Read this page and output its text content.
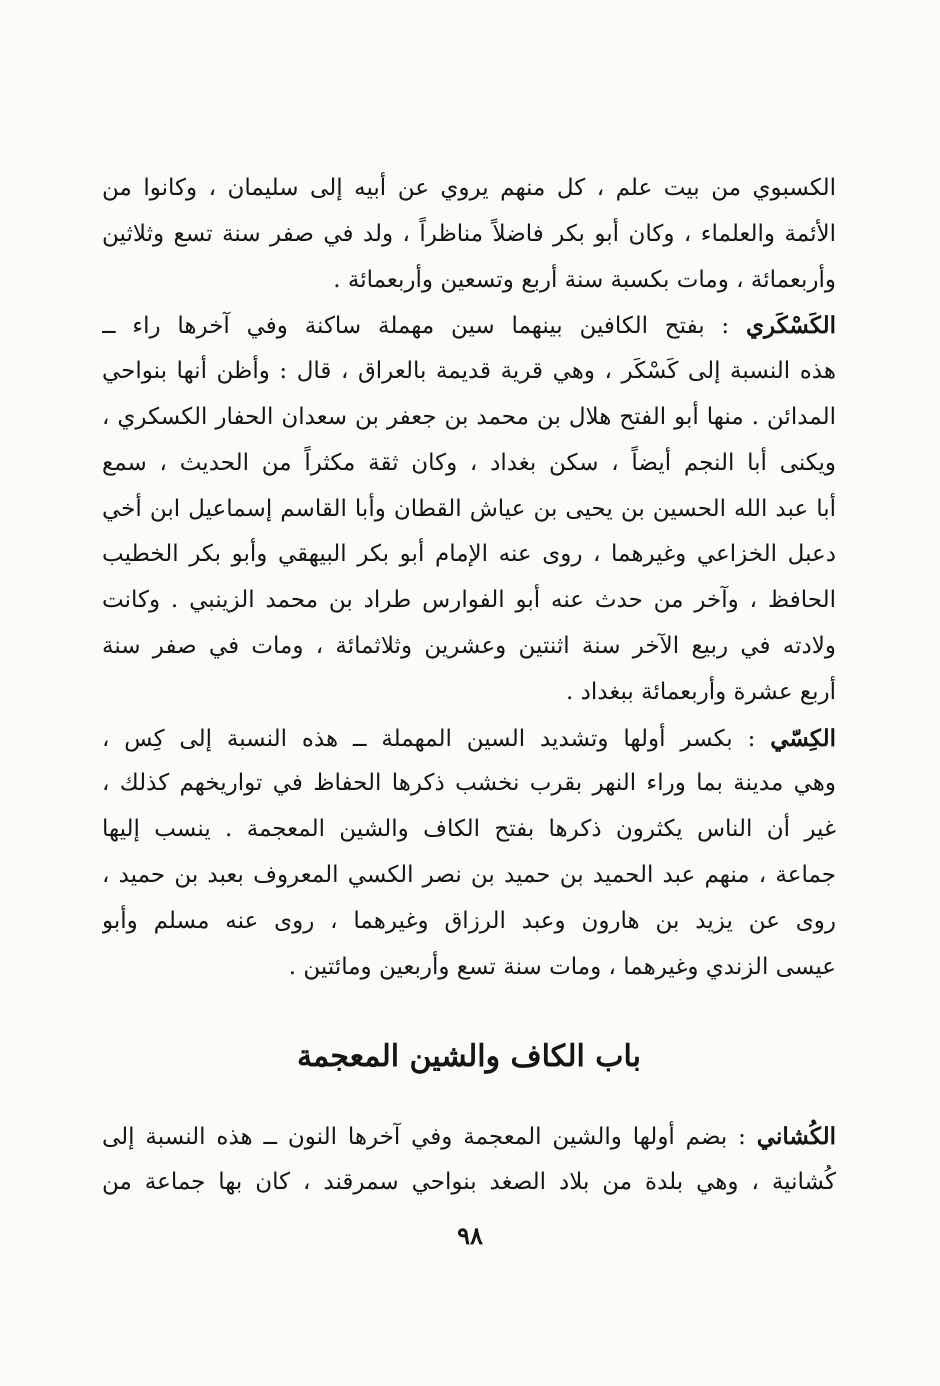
الكسبوي من بيت علم ، كل منهم يروي عن أبيه إلى سليمان ، وكانوا من
الأئمة والعلماء ، وكان أبو بكر فاضلاً مناظراً ، ولد في صفر سنة تسع وثلاثين
وأربعمائة ، ومات بكسبة سنة أربع وتسعين وأربعمائة .
الكَسْكَري : بفتح الكافين بينهما سين مهملة ساكنة وفي آخرها راء ــ
هذه النسبة إلى كَسْكَر ، وهي قرية قديمة بالعراق ، قال : وأظن أنها بنواحي
المدائن . منها أبو الفتح هلال بن محمد بن جعفر بن سعدان الحفار الكسكري ،
ويكنى أبا النجم أيضاً ، سكن بغداد ، وكان ثقة مكثراً من الحديث ، سمع
أبا عبد الله الحسين بن يحيى بن عياش القطان وأبا القاسم إسماعيل ابن أخي
دعبل الخزاعي وغيرهما ، روى عنه الإمام أبو بكر البيهقي وأبو بكر الخطيب
الحافظ ، وآخر من حدث عنه أبو الفوارس طراد بن محمد الزينبي . وكانت
ولادته في ربيع الآخر سنة اثنتين وعشرين وثلاثمائة ، ومات في صفر سنة
أربع عشرة وأربعمائة ببغداد .
الكِسّي : بكسر أولها وتشديد السين المهملة ــ هذه النسبة إلى كِس ،
وهي مدينة بما وراء النهر بقرب نخشب ذكرها الحفاظ في تواريخهم كذلك ،
غير أن الناس يكثرون ذكرها بفتح الكاف والشين المعجمة . ينسب إليها
جماعة ، منهم عبد الحميد بن حميد بن نصر الكسي المعروف بعبد بن حميد ،
روى عن يزيد بن هارون وعبد الرزاق وغيرهما ، روى عنه مسلم وأبو
عيسى الزندي وغيرهما ، ومات سنة تسع وأربعين ومائتين .
باب الكاف والشين المعجمة
الكُشاني : بضم أولها والشين المعجمة وفي آخرها النون ــ هذه النسبة إلى
كُشانية ، وهي بلدة من بلاد الصغد بنواحي سمرقند ، كان بها جماعة من
٩٨
